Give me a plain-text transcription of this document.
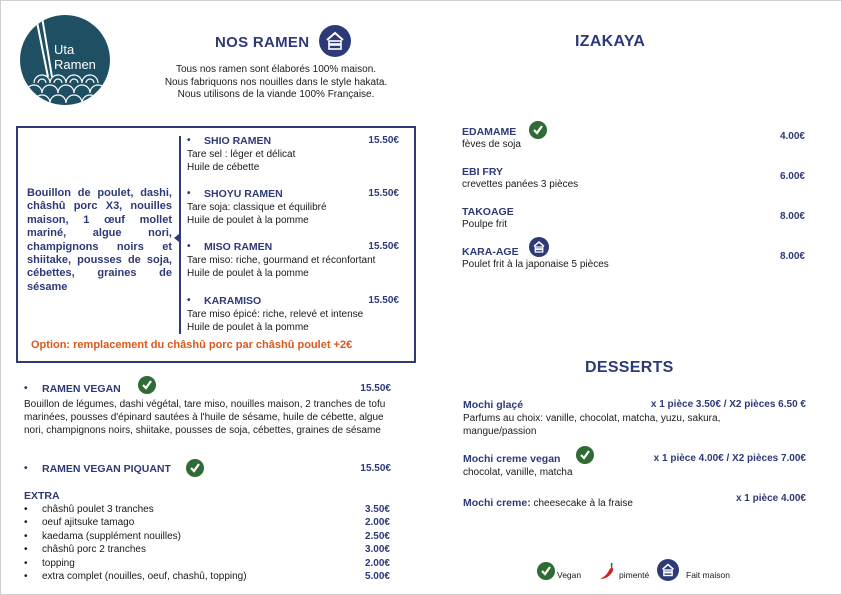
Uta
Ramen
NOS RAMEN
Tous nos ramen sont élaborés 100% maison.
Nous fabriquons nos nouilles dans le style hakata.
Nous utilisons de la viande 100% Française.
Bouillon de poulet, dashi, châshû porc X3, nouilles maison, 1 œuf mollet mariné, algue nori, champignons noirs et shiitake, pousses de soja, cébettes, graines de sésame
• SHIO RAMEN	15.50€
Tare sel : léger et délicat
Huile de cébette
• SHOYU RAMEN	15.50€
Tare soja: classique et équilibré
Huile de poulet à la pomme
• MISO RAMEN	15.50€
Tare miso: riche, gourmand et réconfortant
Huile de poulet à la pomme
• KARAMISO	15.50€
Tare miso épicé: riche, relevé et intense
Huile de poulet à la pomme
Option: remplacement du châshû porc par châshû poulet +2€
• RAMEN VEGAN	15.50€
Bouillon de légumes, dashi végétal, tare miso, nouilles maison, 2 tranches de tofu marinées, pousses d'épinard sautées à l'huile de sésame, huile de cébette, algue nori, champignons noirs, shiitake, pousses de soja, cébettes, graines de sésame
• RAMEN VEGAN PIQUANT	15.50€
EXTRA
• châshû poulet 3 tranches	3.50€
• oeuf ajitsuke tamago	2.00€
• kaedama (supplément nouilles)	2.50€
• châshû porc 2 tranches	3.00€
• topping	2.00€
• extra complet (nouilles, oeuf, chashû, topping)	5.00€
IZAKAYA
EDAMAME
fèves de soja
4.00€
EBI FRY
crevettes panées 3 pièces
6.00€
TAKOAGE
Poulpe frit
8.00€
KARA-AGE
Poulet frit à la japonaise 5 pièces
8.00€
DESSERTS
Mochi glaçé	x 1 pièce 3.50€ / X2 pièces 6.50 €
Parfums au choix: vanille, chocolat, matcha, yuzu, sakura, mangue/passion
Mochi creme vegan	x 1 pièce 4.00€ / X2 pièces 7.00€
chocolat, vanille, matcha
Mochi creme: cheesecake à la fraise	x 1 pièce 4.00€
Vegan	pimenté	Fait maison
